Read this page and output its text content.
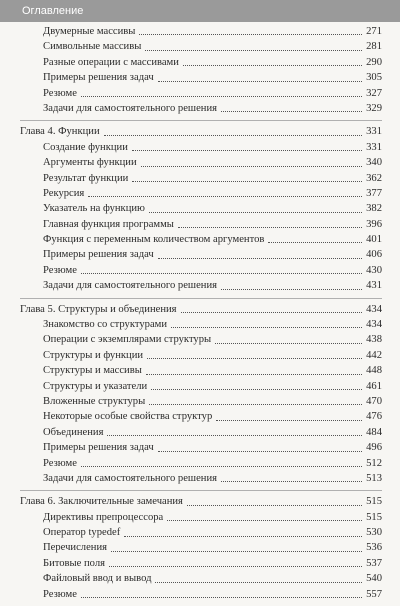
Оглавление
Двумерные массивы	271
Символьные массивы	281
Разные операции с массивами	290
Примеры решения задач	305
Резюме	327
Задачи для самостоятельного решения	329
Глава 4. Функции	331
Создание функции	331
Аргументы функции	340
Результат функции	362
Рекурсия	377
Указатель на функцию	382
Главная функция программы	396
Функция с переменным количеством аргументов	401
Примеры решения задач	406
Резюме	430
Задачи для самостоятельного решения	431
Глава 5. Структуры и объединения	434
Знакомство со структурами	434
Операции с экземплярами структуры	438
Структуры и функции	442
Структуры и массивы	448
Структуры и указатели	461
Вложенные структуры	470
Некоторые особые свойства структур	476
Объединения	484
Примеры решения задач	496
Резюме	512
Задачи для самостоятельного решения	513
Глава 6. Заключительные замечания	515
Директивы препроцессора	515
Оператор typedef	530
Перечисления	536
Битовые поля	537
Файловый ввод и вывод	540
Резюме	557
